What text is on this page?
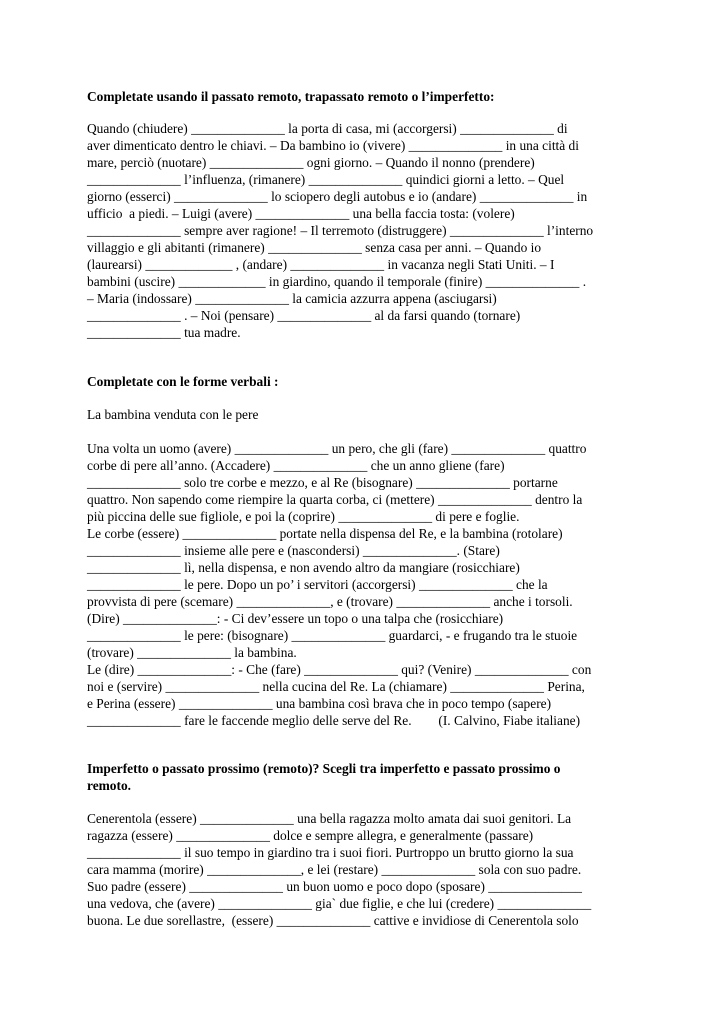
Completate usando il passato remoto, trapassato remoto o l’imperfetto:
Quando (chiudere) ______________ la porta di casa, mi (accorgersi) ______________ di
aver dimenticato dentro le chiavi. – Da bambino io (vivere) ______________ in una città di
mare, perciò (nuotare) ______________ ogni giorno. – Quando il nonno (prendere)
______________ l’influenza, (rimanere) ______________ quindici giorni a letto. – Quel
giorno (esserci) ______________ lo sciopero degli autobus e io (andare) ______________ in
ufficio  a piedi. – Luigi (avere) ______________ una bella faccia tosta: (volere)
______________ sempre aver ragione! – Il terremoto (distruggere) ______________ l’interno
villaggio e gli abitanti (rimanere) ______________ senza casa per anni. – Quando io
(laurearsi) _____________ , (andare) ______________ in vacanza negli Stati Uniti. – I
bambini (uscire) _____________ in giardino, quando il temporale (finire) ______________ .
– Maria (indossare) ______________ la camicia azzurra appena (asciugarsi)
______________ . – Noi (pensare) ______________ al da farsi quando (tornare)
______________ tua madre.
Completate con le forme verbali :
La bambina venduta con le pere
Una volta un uomo (avere) ______________ un pero, che gli (fare) ______________ quattro
corbe di pere all’anno. (Accadere) ______________ che un anno gliene (fare)
______________ solo tre corbe e mezzo, e al Re (bisognare) ______________ portarne
quattro. Non sapendo come riempire la quarta corba, ci (mettere) ______________ dentro la
più piccina delle sue figliole, e poi la (coprire) ______________ di pere e foglie.
Le corbe (essere) ______________ portate nella dispensa del Re, e la bambina (rotolare)
______________ insieme alle pere e (nascondersi) ______________. (Stare)
______________ lì, nella dispensa, e non avendo altro da mangiare (rosicchiare)
______________ le pere. Dopo un po’ i servitori (accorgersi) ______________ che la
provvista di pere (scemare) ______________, e (trovare) ______________ anche i torsoli.
(Dire) ______________: - Ci dev’essere un topo o una talpa che (rosicchiare)
______________ le pere: (bisognare) ______________ guardarci, - e frugando tra le stuoie
(trovare) ______________ la bambina.
Le (dire) ______________: - Che (fare) ______________ qui? (Venire) ______________ con
noi e (servire) ______________ nella cucina del Re. La (chiamare) ______________ Perina,
e Perina (essere) ______________ una bambina così brava che in poco tempo (sapere)
______________ fare le faccende meglio delle serve del Re.        (I. Calvino, Fiabe italiane)
Imperfetto o passato prossimo (remoto)? Scegli tra imperfetto e passato prossimo o
remoto.
Cenerentola (essere) ______________ una bella ragazza molto amata dai suoi genitori. La
ragazza (essere) ______________ dolce e sempre allegra, e generalmente (passare)
______________ il suo tempo in giardino tra i suoi fiori. Purtroppo un brutto giorno la sua
cara mamma (morire) ______________, e lei (restare) ______________ sola con suo padre.
Suo padre (essere) ______________ un buon uomo e poco dopo (sposare) ______________
una vedova, che (avere) ______________ gia` due figlie, e che lui (credere) ______________
buona. Le due sorellastre,  (essere) ______________ cattive e invidiose di Cenerentola solo
